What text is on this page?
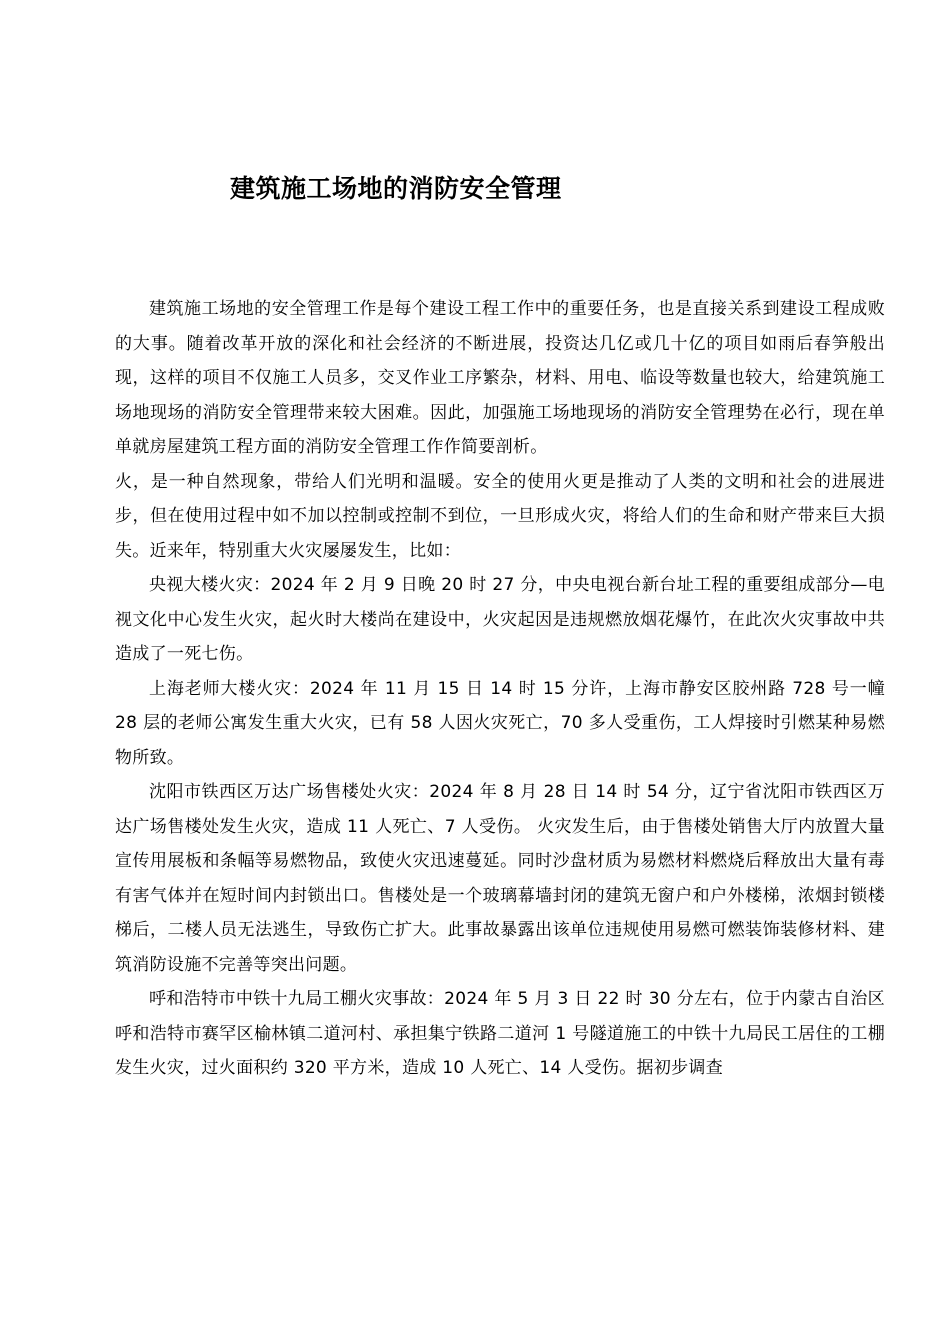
建筑施工场地的消防安全管理

建筑施工场地的安全管理工作是每个建设工程工作中的重要任务，也是直接关系到建设工程成败的大事。随着改革开放的深化和社会经济的不断进展，投资达几亿或几十亿的项目如雨后春笋般出现，这样的项目不仅施工人员多，交叉作业工序繁杂，材料、用电、临设等数量也较大，给建筑施工场地现场的消防安全管理带来较大困难。因此，加强施工场地现场的消防安全管理势在必行，现在单单就房屋建筑工程方面的消防安全管理工作作简要剖析。

火，是一种自然现象，带给人们光明和温暖。安全的使用火更是推动了人类的文明和社会的进展进步，但在使用过程中如不加以控制或控制不到位，一旦形成火灾，将给人们的生命和财产带来巨大损失。近来年，特别重大火灾屡屡发生，比如：

央视大楼火灾：2024 年 2 月 9 日晚 20 时 27 分，中央电视台新台址工程的重要组成部分—电视文化中心发生火灾，起火时大楼尚在建设中，火灾起因是违规燃放烟花爆竹，在此次火灾事故中共造成了一死七伤。

上海老师大楼火灾：2024 年 11 月 15 日 14 时 15 分许，上海市静安区胶州路 728 号一幢 28 层的老师公寓发生重大火灾，已有 58 人因火灾死亡，70 多人受重伤，工人焊接时引燃某种易燃物所致。

沈阳市铁西区万达广场售楼处火灾：2024 年 8 月 28 日 14 时 54 分，辽宁省沈阳市铁西区万达广场售楼处发生火灾，造成 11 人死亡、7 人受伤。 火灾发生后，由于售楼处销售大厅内放置大量宣传用展板和条幅等易燃物品，致使火灾迅速蔓延。同时沙盘材质为易燃材料燃烧后释放出大量有毒有害气体并在短时间内封锁出口。售楼处是一个玻璃幕墙封闭的建筑无窗户和户外楼梯，浓烟封锁楼梯后，二楼人员无法逃生，导致伤亡扩大。此事故暴露出该单位违规使用易燃可燃装饰装修材料、建筑消防设施不完善等突出问题。

呼和浩特市中铁十九局工棚火灾事故：2024 年 5 月 3 日 22 时 30 分左右，位于内蒙古自治区呼和浩特市赛罕区榆林镇二道河村、承担集宁铁路二道河 1 号隧道施工的中铁十九局民工居住的工棚发生火灾，过火面积约 320 平方米，造成 10 人死亡、14 人受伤。据初步调查
